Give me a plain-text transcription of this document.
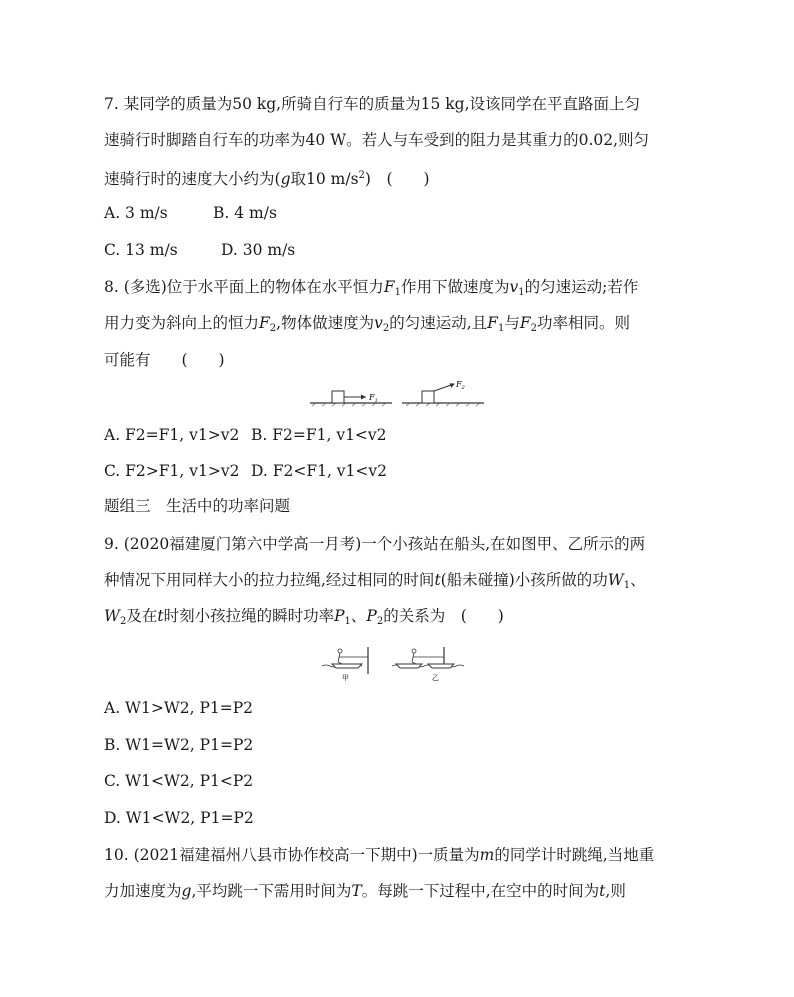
7. 某同学的质量为50 kg,所骑自行车的质量为15 kg,设该同学在平直路面上匀
速骑行时脚踏自行车的功率为40 W。若人与车受到的阻力是其重力的0.02,则匀
速骑行时的速度大小约为(g取10 $m/s^2$)　(　　)
A. 3 m/s	B. 4 m/s
C. 13 m/s	D. 30 m/s
8. (多选)位于水平面上的物体在水平恒力$F_1$作用下做速度为$v_1$的匀速运动;若作
用力变为斜向上的恒力$F_2$,物体做速度为$v_2$的匀速运动,且$F_1$与$F_2$功率相同。则
可能有　　(　　)
$F_1$
$F_2$
A. F2=F1, v1>v2 B. F2=F1, v1<v2
C. F2>F1, v1>v2 D. F2<F1, v1<v2
题组三　生活中的功率问题
9. (2020福建厦门第六中学高一月考)一个小孩站在船头,在如图甲、乙所示的两
种情况下用同样大小的拉力拉绳,经过相同的时间t(船未碰撞)小孩所做的功$W_1$、
$W_2$及在t时刻小孩拉绳的瞬时功率$P_1$、$P_2$的关系为　(　　)
甲	乙
A. W1>W2, P1=P2
B. W1=W2, P1=P2
C. W1<W2, P1<P2
D. W1<W2, P1=P2
10. (2021福建福州八县市协作校高一下期中)一质量为m的同学计时跳绳,当地重
力加速度为g,平均跳一下需用时间为T。每跳一下过程中,在空中的时间为t,则
